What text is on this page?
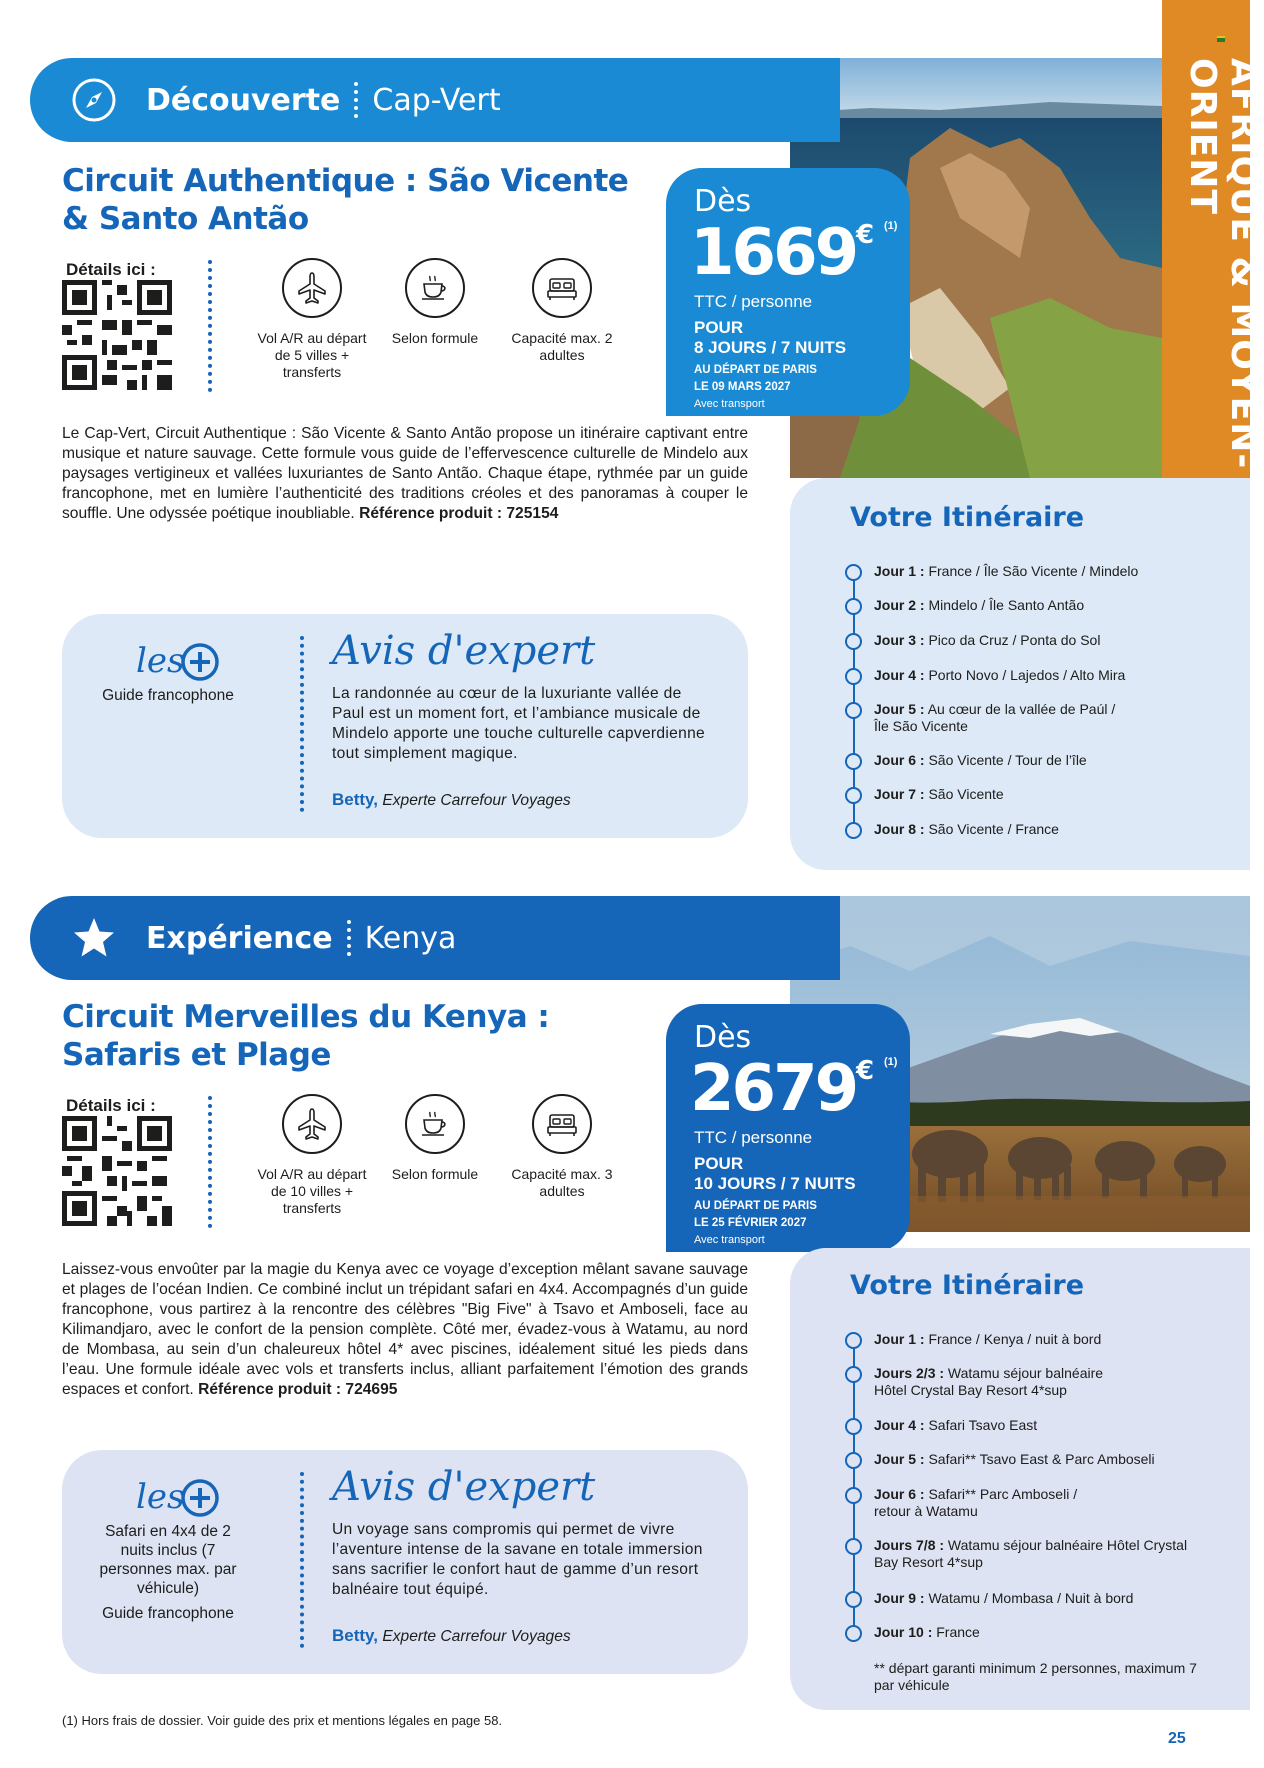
AFRIQUE & MOYEN-ORIENT
Découverte Cap-Vert
Circuit Authentique : São Vicente
& Santo Antão
Détails ici :
Vol A/R au départ de 5 villes + transferts
Selon formule	Capacité max. 2 adultes
Dès
1669 € (1)
TTC / personne
POUR
8 JOURS / 7 NUITS
AU DÉPART DE PARIS
LE 09 MARS 2027
Avec transport
Le Cap-Vert, Circuit Authentique : São Vicente & Santo Antão propose un itinéraire captivant entre musique et nature sauvage. Cette formule vous guide de l’effervescence culturelle de Mindelo aux paysages vertigineux et vallées luxuriantes de Santo Antão. Chaque étape, rythmée par un guide francophone, met en lumière l’authenticité des traditions créoles et des panoramas à couper le souffle. Une odyssée poétique inoubliable. Référence produit : 725154
les
Guide francophone
Avis d'expert
La randonnée au cœur de la luxuriante vallée de Paul est un moment fort, et l’ambiance musicale de Mindelo apporte une touche culturelle capverdienne tout simplement magique.
Betty, Experte Carrefour Voyages
Votre Itinéraire
Jour 1 : France / Île São Vicente / Mindelo
Jour 2 : Mindelo / Île Santo Antão
Jour 3 : Pico da Cruz / Ponta do Sol
Jour 4 : Porto Novo / Lajedos / Alto Mira
Jour 5 : Au cœur de la vallée de Paúl /
Île São Vicente
Jour 6 : São Vicente / Tour de l’île
Jour 7 : São Vicente
Jour 8 : São Vicente / France
Expérience Kenya
Circuit Merveilles du Kenya :
Safaris et Plage
Détails ici :
Vol A/R au départ de 10 villes + transferts
Selon formule	Capacité max. 3 adultes
Dès
2679 € (1)
TTC / personne
POUR
10 JOURS / 7 NUITS
AU DÉPART DE PARIS
LE 25 FÉVRIER 2027
Avec transport
Laissez-vous envoûter par la magie du Kenya avec ce voyage d’exception mêlant savane sauvage et plages de l’océan Indien. Ce combiné inclut un trépidant safari en 4x4. Accompagnés d’un guide francophone, vous partirez à la rencontre des célèbres "Big Five" à Tsavo et Amboseli, face au Kilimandjaro, avec le confort de la pension complète. Côté mer, évadez-vous à Watamu, au nord de Mombasa, au sein d’un chaleureux hôtel 4* avec piscines, idéalement situé les pieds dans l’eau. Une formule idéale avec vols et transferts inclus, alliant parfaitement l’émotion des grands espaces et confort. Référence produit : 724695
les
Safari en 4x4 de 2 nuits inclus (7 personnes max. par véhicule)
Guide francophone
Avis d'expert
Un voyage sans compromis qui permet de vivre l’aventure intense de la savane en totale immersion sans sacrifier le confort haut de gamme d’un resort balnéaire tout équipé.
Betty, Experte Carrefour Voyages
Votre Itinéraire
Jour 1 : France / Kenya / nuit à bord
Jours 2/3 : Watamu séjour balnéaire
Hôtel Crystal Bay Resort 4*sup
Jour 4 : Safari Tsavo East
Jour 5 : Safari** Tsavo East & Parc Amboseli
Jour 6 : Safari** Parc Amboseli /
retour à Watamu
Jours 7/8 : Watamu séjour balnéaire Hôtel Crystal
Bay Resort 4*sup
Jour 9 : Watamu / Mombasa / Nuit à bord
Jour 10 : France
** départ garanti minimum 2 personnes, maximum 7 par véhicule
(1) Hors frais de dossier. Voir guide des prix et mentions légales en page 58.
25
